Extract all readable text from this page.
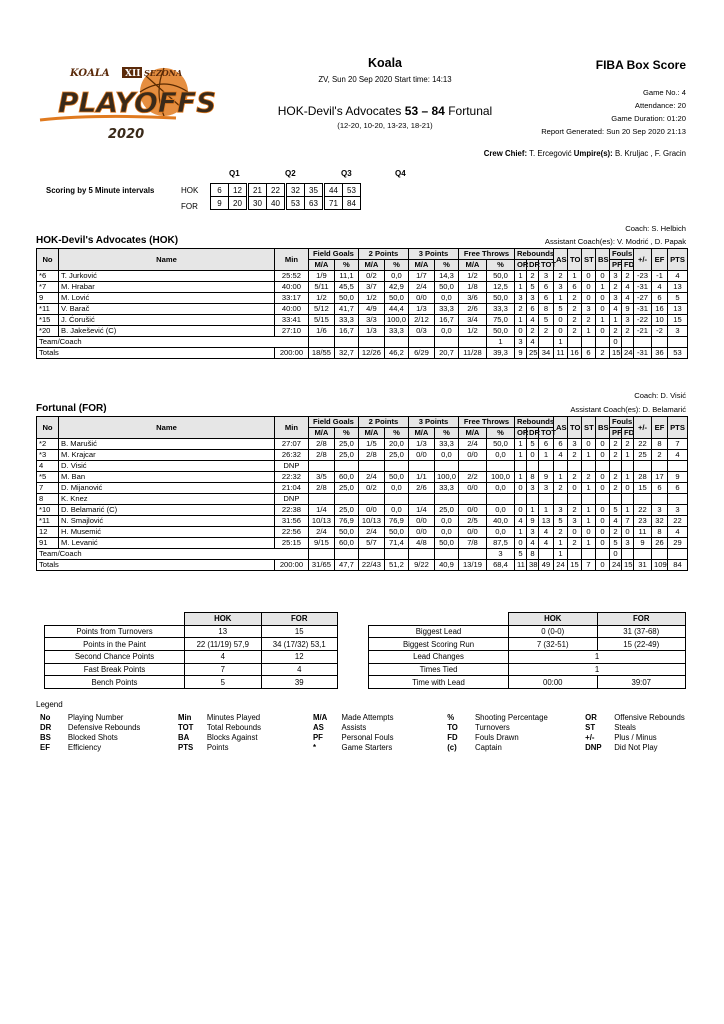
KOALA XII SEZONA
PLAYOFFS
2020
Koala
ZV, Sun 20 Sep 2020 Start time: 14:13
HOK-Devil's Advocates 53 – 84 Fortunal
(12-20, 10-20, 13-23, 18-21)
FIBA Box Score
Game No.: 4
Attendance: 20
Game Duration: 01:20
Report Generated: Sun 20 Sep 2020 21:13
Crew Chief: T. Ercegović Umpire(s): B. Kruljac , F. Gracin
Scoring by 5 Minute intervals
Q1	Q2	Q3	Q4
HOK
FOR
6	12		21	22		32	35		44	53
9	20		30	40		53	63		71	84
Coach: S. Helbich
HOK-Devil's Advocates (HOK)	Assistant Coach(es): V. Modrić , D. Papak
No	Name	Min	Field Goals		2 Points		3 Points		Free Throws		Rebounds			AS	TO	ST	BS	Fouls		+/-	EF	PTS
			M/A	%	M/A	%	M/A	%	M/A	%	OR	DR	TOT					PF	FD			
*6	T. Jurković	25:52	1/9	11,1	0/2	0,0	1/7	14,3	1/2	50,0	1	2	3	2	1	0	0	3	2	-23	-1	4
*7	M. Hrabar	40:00	5/11	45,5	3/7	42,9	2/4	50,0	1/8	12,5	1	5	6	3	6	0	1	2	4	-31	4	13
9	M. Lović	33:17	1/2	50,0	1/2	50,0	0/0	0,0	3/6	50,0	3	3	6	1	2	0	0	3	4	-27	6	5
*11	V. Barač	40:00	5/12	41,7	4/9	44,4	1/3	33,3	2/6	33,3	2	6	8	5	2	3	0	4	9	-31	16	13
*15	J. Ćorušić	33:41	5/15	33,3	3/3	100,0	2/12	16,7	3/4	75,0	1	4	5	0	2	2	1	1	3	-22	10	15
*20	B. Jakešević (C)	27:10	1/6	16,7	1/3	33,3	0/3	0,0	1/2	50,0	0	2	2	0	2	1	0	2	2	-21	-2	3
Team/Coach										1	3	4		1				0				
Totals		200:00	18/55	32,7	12/26	46,2	6/29	20,7	11/28	39,3	9	25	34	11	16	6	2	15	24	-31	36	53
Coach: D. Visić
Fortunal (FOR)	Assistant Coach(es): D. Belamarić
No	Name	Min	Field Goals		2 Points		3 Points		Free Throws		Rebounds			AS	TO	ST	BS	Fouls		+/-	EF	PTS
			M/A	%	M/A	%	M/A	%	M/A	%	OR	DR	TOT					PF	FD			
*2	B. Marušić	27:07	2/8	25,0	1/5	20,0	1/3	33,3	2/4	50,0	1	5	6	6	3	0	0	2	2	22	8	7
*3	M. Krajcar	26:32	2/8	25,0	2/8	25,0	0/0	0,0	0/0	0,0	1	0	1	4	2	1	0	2	1	25	2	4
4	D. Visić	DNP																				
*5	M. Ban	22:32	3/5	60,0	2/4	50,0	1/1	100,0	2/2	100,0	1	8	9	1	2	2	0	2	1	28	17	9
7	D. Mijanović	21:04	2/8	25,0	0/2	0,0	2/6	33,3	0/0	0,0	0	3	3	2	0	1	0	2	0	15	6	6
8	K. Knez	DNP																				
*10	D. Belamarić (C)	22:38	1/4	25,0	0/0	0,0	1/4	25,0	0/0	0,0	0	1	1	3	2	1	0	5	1	22	3	3
*11	N. Smajlović	31:56	10/13	76,9	10/13	76,9	0/0	0,0	2/5	40,0	4	9	13	5	3	1	0	4	7	23	32	22
12	H. Musemić	22:56	2/4	50,0	2/4	50,0	0/0	0,0	0/0	0,0	1	3	4	2	0	0	0	2	0	11	8	4
91	M. Levanić	25:15	9/15	60,0	5/7	71,4	4/8	50,0	7/8	87,5	0	4	4	1	2	1	0	5	3	9	26	29
Team/Coach										3	5	8		1				0				
Totals		200:00	31/65	47,7	22/43	51,2	9/22	40,9	13/19	68,4	11	38	49	24	15	7	0	24	15	31	109	84
	HOK	FOR
Points from Turnovers	13	15
Points in the Paint	22 (11/19) 57,9	34 (17/32) 53,1
Second Chance Points	4	12
Fast Break Points	7	4
Bench Points	5	39
	HOK	FOR
Biggest Lead	0 (0-0)	31 (37-68)
Biggest Scoring Run	7 (32-51)	15 (22-49)
Lead Changes	1	
Times Tied	1	
Time with Lead	00:00	39:07
Legend
No	Playing Number	Min	Minutes Played	M/A	Made Attempts	%	Shooting Percentage	OR	Offensive Rebounds
DR	Defensive Rebounds	TOT	Total Rebounds	AS	Assists	TO	Turnovers	ST	Steals
BS	Blocked Shots	BA	Blocks Against	PF	Personal Fouls	FD	Fouls Drawn	+/-	Plus / Minus
EF	Efficiency	PTS	Points	*	Game Starters	(c)	Captain	DNP	Did Not Play
